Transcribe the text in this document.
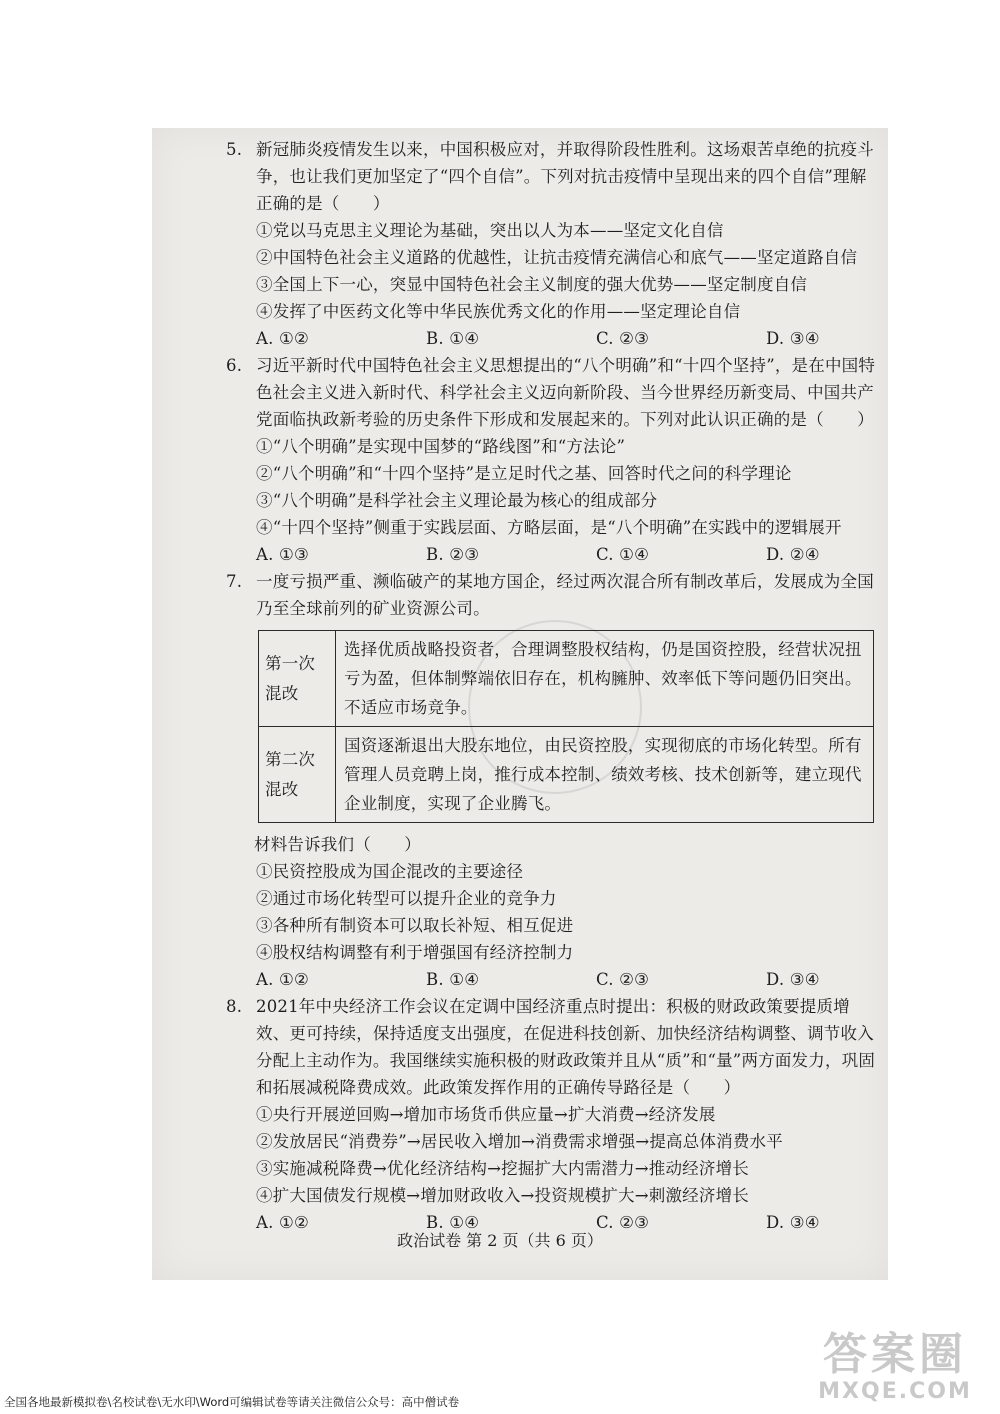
5. 新冠肺炎疫情发生以来，中国积极应对，并取得阶段性胜利。这场艰苦卓绝的抗疫斗争，也让我们更加坚定了“四个自信”。下列对抗击疫情中呈现出来的四个自信”理解正确的是（　　）

①党以马克思主义理论为基础，突出以人为本——坚定文化自信

②中国特色社会主义道路的优越性，让抗击疫情充满信心和底气——坚定道路自信

③全国上下一心，突显中国特色社会主义制度的强大优势——坚定制度自信

④发挥了中医药文化等中华民族优秀文化的作用——坚定理论自信

A. ①②	B. ①④	C. ②③	D. ③④
6. 习近平新时代中国特色社会主义思想提出的“八个明确”和“十四个坚持”，是在中国特色社会主义进入新时代、科学社会主义迈向新阶段、当今世界经历新变局、中国共产党面临执政新考验的历史条件下形成和发展起来的。下列对此认识正确的是（　　）

①“八个明确”是实现中国梦的“路线图”和“方法论”

②“八个明确”和“十四个坚持”是立足时代之基、回答时代之问的科学理论

③“八个明确”是科学社会主义理论最为核心的组成部分

④“十四个坚持”侧重于实践层面、方略层面，是“八个明确”在实践中的逻辑展开

A. ①③	B. ②③	C. ①④	D. ②④
7. 一度亏损严重、濒临破产的某地方国企，经过两次混合所有制改革后，发展成为全国乃至全球前列的矿业资源公司。

第一次混改	选择优质战略投资者，合理调整股权结构，仍是国资控股，经营状况扭亏为盈，但体制弊端依旧存在，机构臃肿、效率低下等问题仍旧突出。不适应市场竞争。
第二次混改	国资逐渐退出大股东地位，由民资控股，实现彻底的市场化转型。所有管理人员竞聘上岗，推行成本控制、绩效考核、技术创新等，建立现代企业制度，实现了企业腾飞。

材料告诉我们（　　）

①民资控股成为国企混改的主要途径

②通过市场化转型可以提升企业的竞争力

③各种所有制资本可以取长补短、相互促进

④股权结构调整有利于增强国有经济控制力

A. ①②	B. ①④	C. ②③	D. ③④
8. 2021年中央经济工作会议在定调中国经济重点时提出：积极的财政政策要提质增效、更可持续，保持适度支出强度，在促进科技创新、加快经济结构调整、调节收入分配上主动作为。我国继续实施积极的财政政策并且从“质”和“量”两方面发力，巩固和拓展减税降费成效。此政策发挥作用的正确传导路径是（　　）

①央行开展逆回购→增加市场货币供应量→扩大消费→经济发展

②发放居民“消费券”→居民收入增加→消费需求增强→提高总体消费水平

③实施减税降费→优化经济结构→挖掘扩大内需潜力→推动经济增长

④扩大国债发行规模→增加财政收入→投资规模扩大→刺激经济增长

A. ①②	B. ①④	C. ②③	D. ③④
政治试卷 第 2 页（共 6 页）
全国各地最新模拟卷\名校试卷\无水印\Word可编辑试卷等请关注微信公众号：高中僧试卷
答案圈
MXQE.COM
